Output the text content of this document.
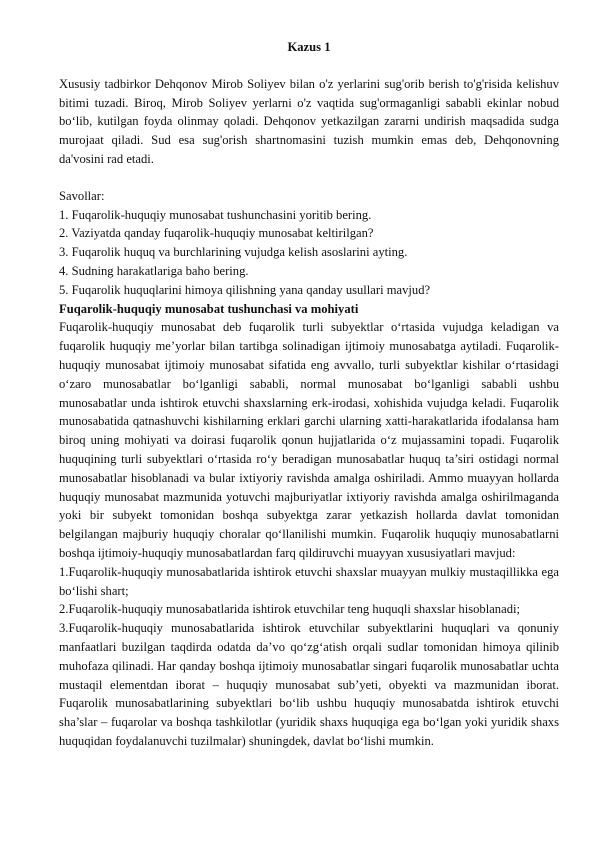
Kazus 1

Xususiy tadbirkor Dehqonov Mirob Soliyev bilan o'z yerlarini sug'orib berish to'g'risida kelishuv bitimi tuzadi. Biroq, Mirob Soliyev yerlarni o'z vaqtida sug'ormaganligi sababli ekinlar nobud bo‘lib, kutilgan foyda olinmay qoladi. Dehqonov yetkazilgan zararni undirish maqsadida sudga murojaat qiladi. Sud esa sug'orish shartnomasini tuzish mumkin emas deb, Dehqonovning da'vosini rad etadi.

Savollar:

1. Fuqarolik-huquqiy munosabat tushunchasini yoritib bering.

2. Vaziyatda qanday fuqarolik-huquqiy munosabat keltirilgan?

3. Fuqarolik huquq va burchlarining vujudga kelish asoslarini ayting.

4. Sudning harakatlariga baho bering.

5. Fuqarolik huquqlarini himoya qilishning yana qanday usullari mavjud?

Fuqarolik-huquqiy munosabat tushunchasi va mohiyati

Fuqarolik-huquqiy munosabat deb fuqarolik turli subyektlar o‘rtasida vujudga keladigan va fuqarolik huquqiy me’yorlar bilan tartibga solinadigan ijtimoiy munosabatga aytiladi. Fuqarolik-huquqiy munosabat ijtimoiy munosabat sifatida eng avvallo, turli subyektlar kishilar o‘rtasidagi o‘zaro munosabatlar bo‘lganligi sababli, normal munosabat bo‘lganligi sababli ushbu munosabatlar unda ishtirok etuvchi shaxslarning erk-irodasi, xohishida vujudga keladi. Fuqarolik munosabatida qatnashuvchi kishilarning erklari garchi ularning xatti-harakatlarida ifodalansa ham biroq uning mohiyati va doirasi fuqarolik qonun hujjatlarida o‘z mujassamini topadi. Fuqarolik huquqining turli subyektlari o‘rtasida ro‘y beradigan munosabatlar huquq ta’siri ostidagi normal munosabatlar hisoblanadi va bular ixtiyoriy ravishda amalga oshiriladi. Ammo muayyan hollarda huquqiy munosabat mazmunida yotuvchi majburiyatlar ixtiyoriy ravishda amalga oshirilmaganda yoki bir subyekt tomonidan boshqa subyektga zarar yetkazish hollarda davlat tomonidan belgilangan majburiy huquqiy choralar qo‘llanilishi mumkin. Fuqarolik huquqiy munosabatlarni boshqa ijtimoiy-huquqiy munosabatlardan farq qildiruvchi muayyan xususiyatlari mavjud:

1.Fuqarolik-huquqiy munosabatlarida ishtirok etuvchi shaxslar muayyan mulkiy mustaqillikka ega bo‘lishi shart;

2.Fuqarolik-huquqiy munosabatlarida ishtirok etuvchilar teng huquqli shaxslar hisoblanadi;

3.Fuqarolik-huquqiy munosabatlarida ishtirok etuvchilar subyektlarini huquqlari va qonuniy manfaatlari buzilgan taqdirda odatda da’vo qo‘zg‘atish orqali sudlar tomonidan himoya qilinib muhofaza qilinadi. Har qanday boshqa ijtimoiy munosabatlar singari fuqarolik munosabatlar uchta mustaqil elementdan iborat – huquqiy munosabat sub’yeti, obyekti va mazmunidan iborat. Fuqarolik munosabatlarining subyektlari bo‘lib ushbu huquqiy munosabatda ishtirok etuvchi sha’slar – fuqarolar va boshqa tashkilotlar (yuridik shaxs huquqiga ega bo‘lgan yoki yuridik shaxs huquqidan foydalanuvchi tuzilmalar) shuningdek, davlat bo‘lishi mumkin.
